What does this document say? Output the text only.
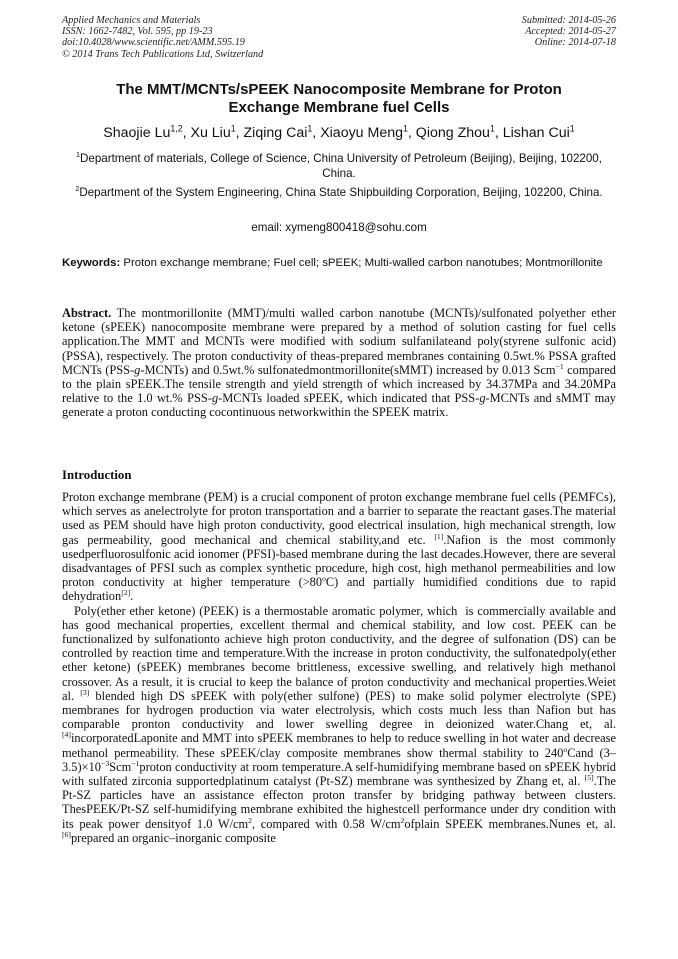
Applied Mechanics and Materials
ISSN: 1662-7482, Vol. 595, pp 19-23
doi:10.4028/www.scientific.net/AMM.595.19
© 2014 Trans Tech Publications Ltd, Switzerland
Submitted: 2014-05-26
Accepted: 2014-05-27
Online: 2014-07-18
The MMT/MCNTs/sPEEK Nanocomposite Membrane for Proton
Exchange Membrane fuel Cells
Shaojie Lu$^{1,2}$, Xu Liu$^1$, Ziqing Cai$^1$, Xiaoyu Meng$^1$, Qiong Zhou$^1$, Lishan Cui$^1$
$^1$Department of materials, College of Science, China University of Petroleum (Beijing), Beijing, 102200, China.
$^2$Department of the System Engineering, China State Shipbuilding Corporation, Beijing, 102200, China.
email: xymeng800418@sohu.com
Keywords: Proton exchange membrane; Fuel cell; sPEEK; Multi-walled carbon nanotubes; Montmorillonite
Abstract. The montmorillonite (MMT)/multi walled carbon nanotube (MCNTs)/sulfonated polyether ether ketone (sPEEK) nanocomposite membrane were prepared by a method of solution casting for fuel cells application.The MMT and MCNTs were modified with sodium sulfanilateand poly(styrene sulfonic acid) (PSSA), respectively. The proton conductivity of theas-prepared membranes containing 0.5wt.% PSSA grafted MCNTs (PSS-g-MCNTs) and 0.5wt.% sulfonatedmontmorillonite(sMMT) increased by 0.013 Scm$^{-1}$ compared to the plain sPEEK.The tensile strength and yield strength of which increased by 34.37MPa and 34.20MPa relative to the 1.0 wt.% PSS-g-MCNTs loaded sPEEK, which indicated that PSS-g-MCNTs and sMMT may generate a proton conducting cocontinuous networkwithin the SPEEK matrix.
Introduction

Proton exchange membrane (PEM) is a crucial component of proton exchange membrane fuel cells (PEMFCs), which serves as anelectrolyte for proton transportation and a barrier to separate the reactant gases.The material used as PEM should have high proton conductivity, good electrical insulation, high mechanical strength, low gas permeability, good mechanical and chemical stability,and etc. [1].Nafion is the most commonly usedperfluorosulfonic acid ionomer (PFSI)-based membrane during the last decades.However, there are several disadvantages of PFSI such as complex synthetic procedure, high cost, high methanol permeabilities and low proton conductivity at higher temperature $(>80^oC)$ and partially humidified conditions due to rapid dehydration[2].

Poly(ether ether ketone) (PEEK) is a thermostable aromatic polymer, which  is commercially available and has good mechanical properties, excellent thermal and chemical stability, and low cost. PEEK can be functionalized by sulfonationto achieve high proton conductivity, and the degree of sulfonation (DS) can be controlled by reaction time and temperature.With the increase in proton conductivity, the sulfonatedpoly(ether ether ketone) (sPEEK) membranes become brittleness, excessive swelling, and relatively high methanol crossover. As a result, it is crucial to keep the balance of proton conductivity and mechanical properties.Weiet al. [3] blended high DS sPEEK with poly(ether sulfone) (PES) to make solid polymer electrolyte (SPE) membranes for hydrogen production via water electrolysis, which costs much less than Nafion but has comparable pronton conductivity and lower swelling degree in deionized water.Chang et, al.[4]incorporatedLaponite and MMT into sPEEK membranes to help to reduce swelling in hot water and decrease methanol permeability. These sPEEK/clay composite membranes show thermal stability to 240$^o$Cand $(3-3.5)\times 10^{-3}Scm^{-1}proton$ conductivity at room temperature.A self-humidifying membrane based on sPEEK hybrid with sulfated zirconia supportedplatinum catalyst (Pt-SZ) membrane was synthesized by Zhang et, al. [5].The Pt-SZ particles have an assistance effecton proton transfer by bridging pathway between clusters. ThesPEEK/Pt-SZ self-humidifying membrane exhibited the highestcell performance under dry condition with its peak power densityof 1.0 $W/cm^2$, compared with 0.58 $W/cm^2ofplain$ SPEEK membranes.Nunes et, al. [6]prepared an organic–inorganic composite
